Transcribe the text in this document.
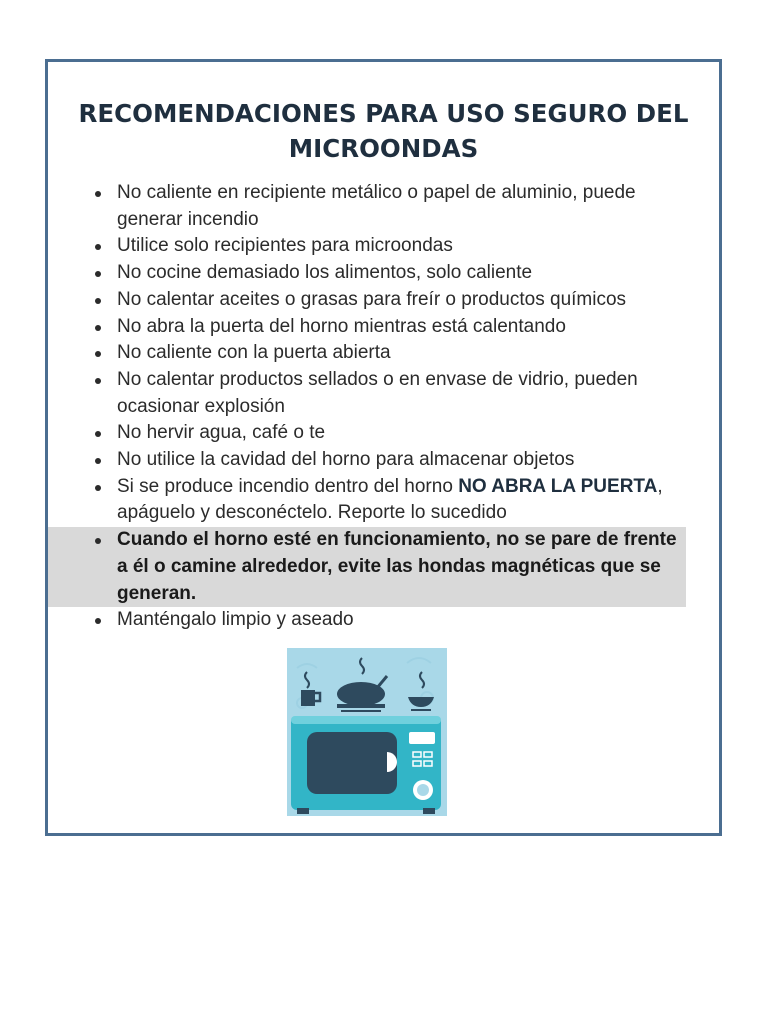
RECOMENDACIONES PARA USO SEGURO DEL
MICROONDAS
No caliente en recipiente metálico o papel de aluminio, puede generar incendio
Utilice solo recipientes para microondas
No cocine demasiado los alimentos, solo caliente
No calentar aceites o grasas para freír o productos químicos
No abra la puerta del horno mientras está calentando
No caliente con la puerta abierta
No calentar productos sellados o en envase de vidrio, pueden ocasionar explosión
No hervir agua, café o te
No utilice la cavidad del horno para almacenar objetos
Si se produce incendio dentro del horno NO ABRA LA PUERTA, apáguelo y desconéctelo. Reporte lo sucedido
Cuando el horno esté en funcionamiento, no se pare de frente a él o camine alrededor, evite las hondas magnéticas que se generan.
Manténgalo limpio y aseado
